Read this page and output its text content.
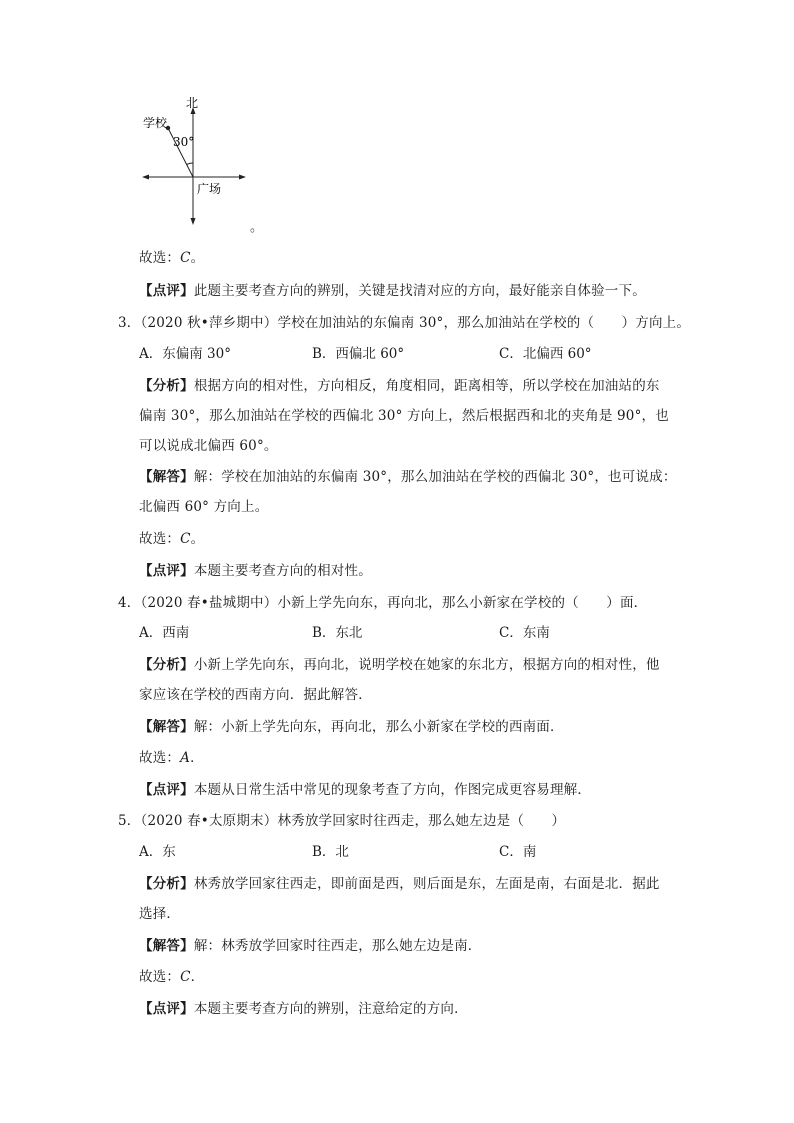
北
学校
30°
广场
。
故选：C。
【点评】此题主要考查方向的辨别，关键是找清对应的方向，最好能亲自体验一下。
3．（2020 秋•萍乡期中）学校在加油站的东偏南 30°，那么加油站在学校的（　　）方向上。
A．东偏南 30°	B．西偏北 60°	C．北偏西 60°
【分析】根据方向的相对性，方向相反，角度相同，距离相等，所以学校在加油站的东
偏南 30°，那么加油站在学校的西偏北 30° 方向上，然后根据西和北的夹角是 90°，也
可以说成北偏西 60°。
【解答】解：学校在加油站的东偏南 30°，那么加油站在学校的西偏北 30°，也可说成：
北偏西 60° 方向上。
故选：C。
【点评】本题主要考查方向的相对性。
4．（2020 春•盐城期中）小新上学先向东，再向北，那么小新家在学校的（　　）面．
A．西南	B．东北	C．东南
【分析】小新上学先向东，再向北，说明学校在她家的东北方，根据方向的相对性，他
家应该在学校的西南方向．据此解答．
【解答】解：小新上学先向东，再向北，那么小新家在学校的西南面．
故选：A．
【点评】本题从日常生活中常见的现象考查了方向，作图完成更容易理解．
5．（2020 春•太原期末）林秀放学回家时往西走，那么她左边是（　　）
A．东	B．北	C．南
【分析】林秀放学回家往西走，即前面是西，则后面是东，左面是南，右面是北．据此
选择．
【解答】解：林秀放学回家时往西走，那么她左边是南．
故选：C．
【点评】本题主要考查方向的辨别，注意给定的方向．
